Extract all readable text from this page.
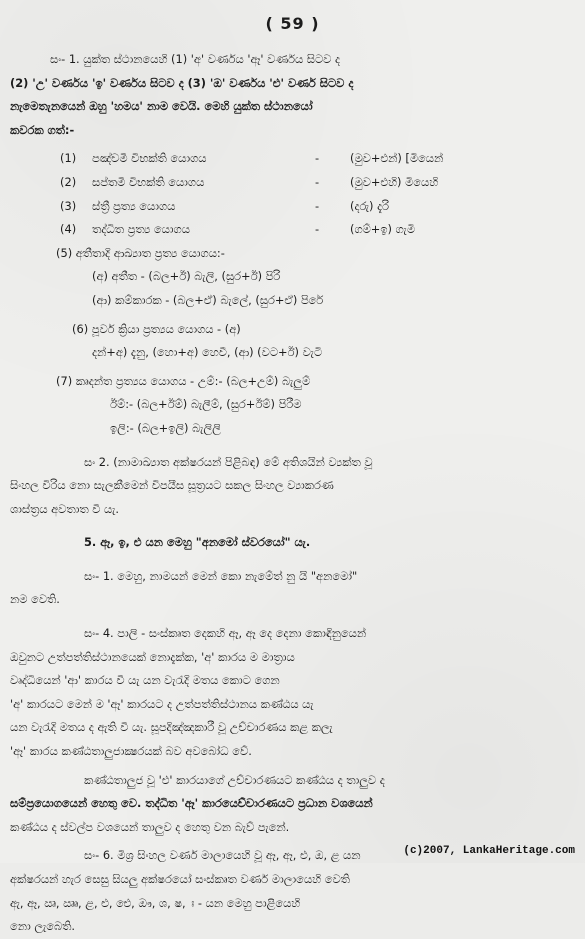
( 59 )
සං- 1. යුක්ත ස්ථානයෙහි (1) 'අ' වර්ණය 'ඈ' වර්ණය සිටව ද
(2) 'උ' වර්ණය 'ඉ' වර්ණය සිටව ද (3) 'ඔ' වර්ණය 'එ' වර්ණ සිටව ද
නැමෙතැනයෙන් ඔහු 'හමය' නාම වෙයි. මෙහි යුක්ත ස්ථානයෝ
කවරක ගත්:-
(1) පඤ්චමී විභක්ති යොගය	-	(මුව+එන්) [මියෙන්
(2) සප්තමී විභක්ති යොගය	-	(මුව+එහි) මියෙහි
(3) ස්ත්‍රී ප්‍රත්‍ය යොගය	-	(දරු) දැරි
(4) තද්ධිත ප්‍රත්‍ය යොගය	-	(ගම්+ඉ) ගැමි
(5) අතීතාදි ආඛ්‍යාත ප්‍රත්‍ය යොගය:-
(අ) අතීත - (බල+ඊ) බැලි, (සුර+ඊ) පිරි
(ආ) කම්කාරක - (බල+ඒ) බැලේ, (සුර+ඒ) පිරේ
(6) පූර්ව ක්‍රියා ප්‍රත්‍යය යොගය - (අ)
දන්+අ) දැනු, (හො+අ) හෙවී, (ආ) (වට+ඊ) වැටි
(7) කෘදන්ත ප්‍රත්‍යය යොගය - උම්:- (බල+උම්) බැලුම්
ඊම්:- (බල+ඊම්) බැලීම්, (සුර+ඊම්) පිරීම
ඉලි:- (බල+ඉලි) බැලිලි
සං 2. (නාමාඛ්‍යාත අක්ෂරයන් පිළිබඳ) මේ අතිශයින් ව්‍යක්ත වූ
සිංහල විරිය නො සැලකීමෙන් විපයීස සූත්‍රයට සකල සිංහල ව්‍යාකරණ
ශාස්ත්‍රය අවතාත වී යැ.
5. ඈ, ඉ, එ යන මෙහු "අනමෝ ස්වරයෝ" යැ.
සං- 1. මෙහු, නාමයන් මෙන් කො නැමේත් නු යි "අනමෝ"
නම වෙති.
සං- 4. පාලි - සංස්කෘත දෙකහි ඈ, ඈ දෙ දෙනා කොඳිනුයෙන්
ඔවුනට උත්පත්තිස්ථානයෙක් නොදැක්ක, 'අ' කාරය ම මාත්‍රාය
වෘද්ධියෙන් 'ආ' කාරය වී යැ යන වැරැදි මතය කොට ගෙන
'අ' කාරයට මෙන් ම 'ඈ' කාරයට ද උත්පත්තිස්ථානය කණ්ඨය යැ
යන වැරැදි මතය ද ඇති වී යැ. සූපදිඤ්ඤකාරී වූ උච්චාරණය කළ කලැ
'ඈ' කාරය කණ්ඨතාලුජාක්‍ෂරයක් බව අවබෝධ වේ.
කණ්ඨතාලුජ වූ 'එ' කාරයාගේ උච්චාරණයට කණ්ඨය ද තාලුව ද
සම්ප්‍රයොගයෙන් හෙතු වෙ. තද්ධිත 'ඈ' කාරයෙච්චාරණයට ප්‍රධාන වශයෙන්
කණ්ඨය ද ස්වල්ප වශයෙන් තාලුව ද හෙතු වන බැව් පැනේ.
සං- 6. මිශ්‍ර සිංහල වර්ණ මාලායෙහි වූ ඈ, ඈ, එ, ඔ, ළ යන
අක්ෂරයන් හැර සෙසු සියලු අක්ෂරයෝ සංස්කෘත වර්ණ මාලායෙහි වෙති
ඇ, ඈ, ඍ, ඎ, ළ, ළු, ඓ, ඖ, ශ, ෂ, ඃ - යන මෙහු පාළියෙහි
නො ලැබෙති.
(c)2007, LankaHeritage.com
